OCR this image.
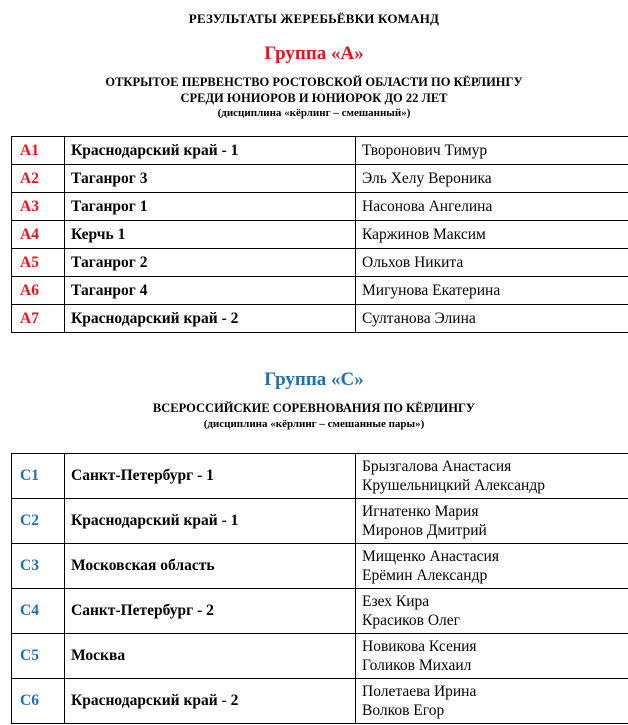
РЕЗУЛЬТАТЫ ЖЕРЕБЬЁВКИ КОМАНД
Группа «А»
ОТКРЫТОЕ ПЕРВЕНСТВО РОСТОВСКОЙ ОБЛАСТИ ПО КЁРЛИНГУ
СРЕДИ ЮНИОРОВ И ЮНИОРОК ДО 22 ЛЕТ
(дисциплина «кёрлинг – смешанный»)
А1	Краснодарский край - 1	Творонович Тимур
А2	Таганрог 3	Эль Хелу Вероника
А3	Таганрог 1	Насонова Ангелина
А4	Керчь 1	Каржинов Максим
А5	Таганрог 2	Ольхов Никита
А6	Таганрог 4	Мигунова Екатерина
А7	Краснодарский край - 2	Султанова Элина
Группа «С»
ВСЕРОССИЙСКИЕ СОРЕВНОВАНИЯ ПО КЁРЛИНГУ
(дисциплина «кёрлинг – смешанные пары»)
С1	Санкт-Петербург - 1	Брызгалова Анастасия
Крушельницкий Александр

С2	Краснодарский край - 1	Игнатенко Мария
Миронов Дмитрий

С3	Московская область	Мищенко Анастасия
Ерёмин Александр

С4	Санкт-Петербург - 2	Езех Кира
Красиков Олег

С5	Москва	Новикова Ксения
Голиков Михаил

С6	Краснодарский край - 2	Полетаева Ирина
Волков Егор
